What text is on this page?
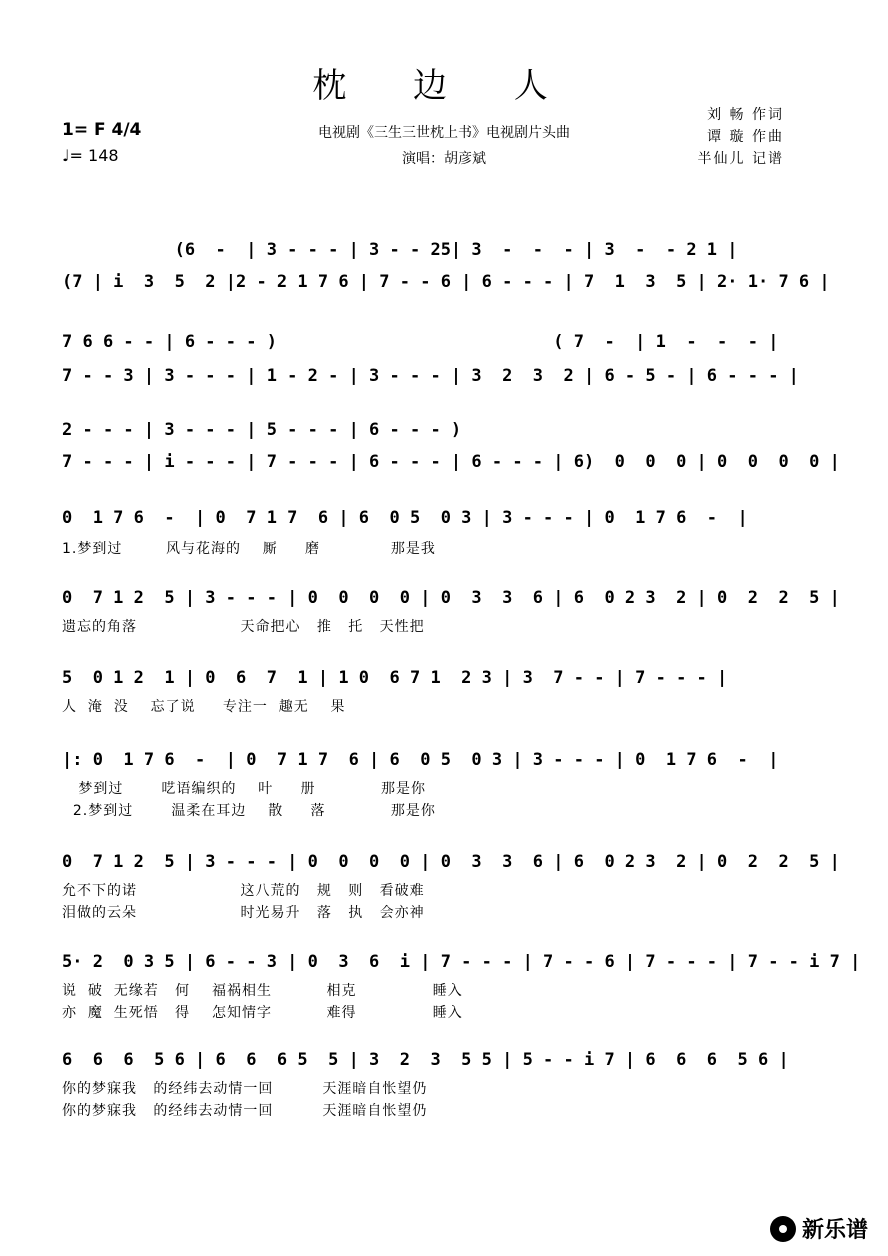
枕 边 人
1= F 4/4
♩= 148
电视剧《三生三世枕上书》电视剧片头曲
演唱：胡彦斌
刘 畅 作词
谭 璇 作曲
半仙儿 记谱
(6  -  | 3 - - - | 3 - - 25| 3  -  -  - | 3  -  - 2 1 |
(7 | i  3  5  2 |2 - 2 1 7 6 | 7 - - 6 | 6 - - - | 7  1  3  5 | 2· 1· 7 6 |
7 6 6 - - | 6 - - - )                           ( 7  -  | 1  -  -  - |
7 - - 3 | 3 - - - | 1 - 2 - | 3 - - - | 3  2  3  2 | 6 - 5 - | 6 - - - |
2 - - - | 3 - - - | 5 - - - | 6 - - - )
7 - - - | i - - - | 7 - - - | 6 - - - | 6 - - - | 6)  0  0  0 | 0  0  0  0 |
0  1 7 6  -  | 0  7 1 7  6 | 6  0 5  0 3 | 3 - - - | 0  1 7 6  -  |
1.梦到过        风与花海的    厮     磨             那是我
0  7 1 2  5 | 3 - - - | 0  0  0  0 | 0  3  3  6 | 6  0 2 3  2 | 0  2  2  5 |
遗忘的角落                   天命把心   推   托   天性把
5  0 1 2  1 | 0  6  7  1 | 1 0  6 7 1  2 3 | 3  7 - - | 7 - - - |
人  淹  没    忘了说     专注一  趣无    果
|: 0  1 7 6  -  | 0  7 1 7  6 | 6  0 5  0 3 | 3 - - - | 0  1 7 6  -  |
梦到过       呓语编织的    叶     册            那是你
2.梦到过       温柔在耳边    散     落            那是你
0  7 1 2  5 | 3 - - - | 0  0  0  0 | 0  3  3  6 | 6  0 2 3  2 | 0  2  2  5 |
允不下的诺                   这八荒的   规   则   看破难
泪做的云朵                   时光易升   落   执   会亦神
5· 2  0 3 5 | 6 - - 3 | 0  3  6  i | 7 - - - | 7 - - 6 | 7 - - - | 7 - - i 7 |
说  破  无缘若   何    福祸相生          相克              睡入
亦  魔  生死悟   得    怎知情字          难得              睡入
6  6  6  5 6 | 6  6  6 5  5 | 3  2  3  5 5 | 5 - - i 7 | 6  6  6  5 6 |
你的梦寐我   的经纬去动情一回         天涯暗自怅望仍
你的梦寐我   的经纬去动情一回         天涯暗自怅望仍
新乐谱
